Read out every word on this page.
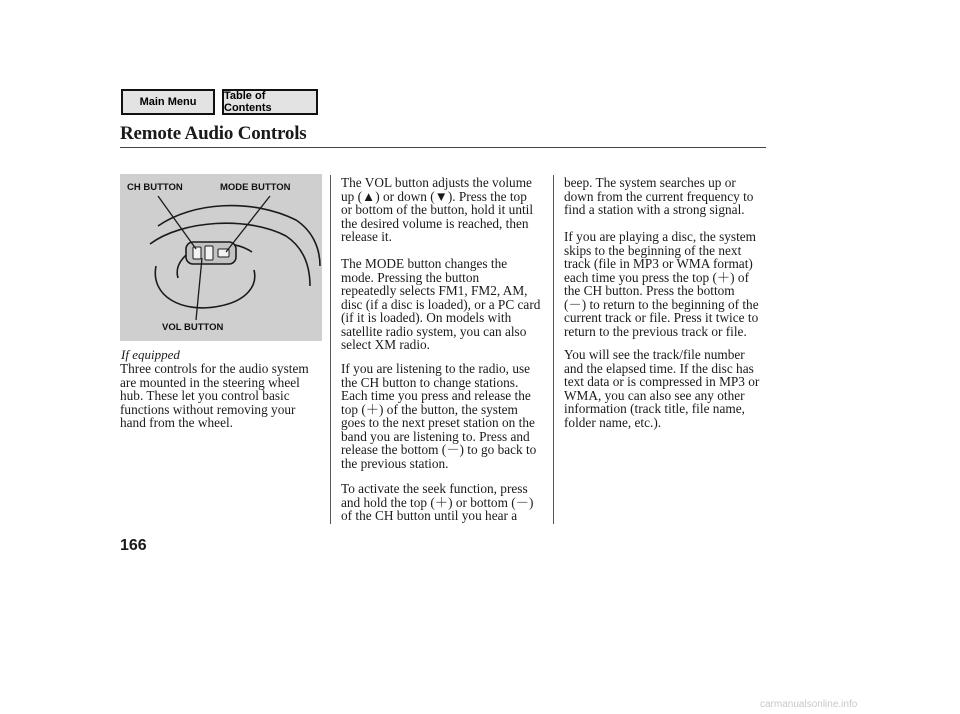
Main Menu	Table of Contents
Remote Audio Controls
CH BUTTON	MODE BUTTON
VOL BUTTON
If equipped

Three controls for the audio system
are mounted in the steering wheel
hub. These let you control basic
functions without removing your
hand from the wheel.

The VOL button adjusts the volume
up (▲) or down (▼). Press the top
or bottom of the button, hold it until
the desired volume is reached, then
release it.

The MODE button changes the
mode. Pressing the button
repeatedly selects FM1, FM2, AM,
disc (if a disc is loaded), or a PC card
(if it is loaded). On models with
satellite radio system, you can also
select XM radio.

If you are listening to the radio, use
the CH button to change stations.
Each time you press and release the
top (＋) of the button, the system
goes to the next preset station on the
band you are listening to. Press and
release the bottom (－) to go back to
the previous station.

To activate the seek function, press
and hold the top (＋) or bottom (－)
of the CH button until you hear a

beep. The system searches up or
down from the current frequency to
find a station with a strong signal.

If you are playing a disc, the system
skips to the beginning of the next
track (file in MP3 or WMA format)
each time you press the top (＋) of
the CH button. Press the bottom
(－) to return to the beginning of the
current track or file. Press it twice to
return to the previous track or file.

You will see the track/file number
and the elapsed time. If the disc has
text data or is compressed in MP3 or
WMA, you can also see any other
information (track title, file name,
folder name, etc.).

166
carmanualsonline.info
